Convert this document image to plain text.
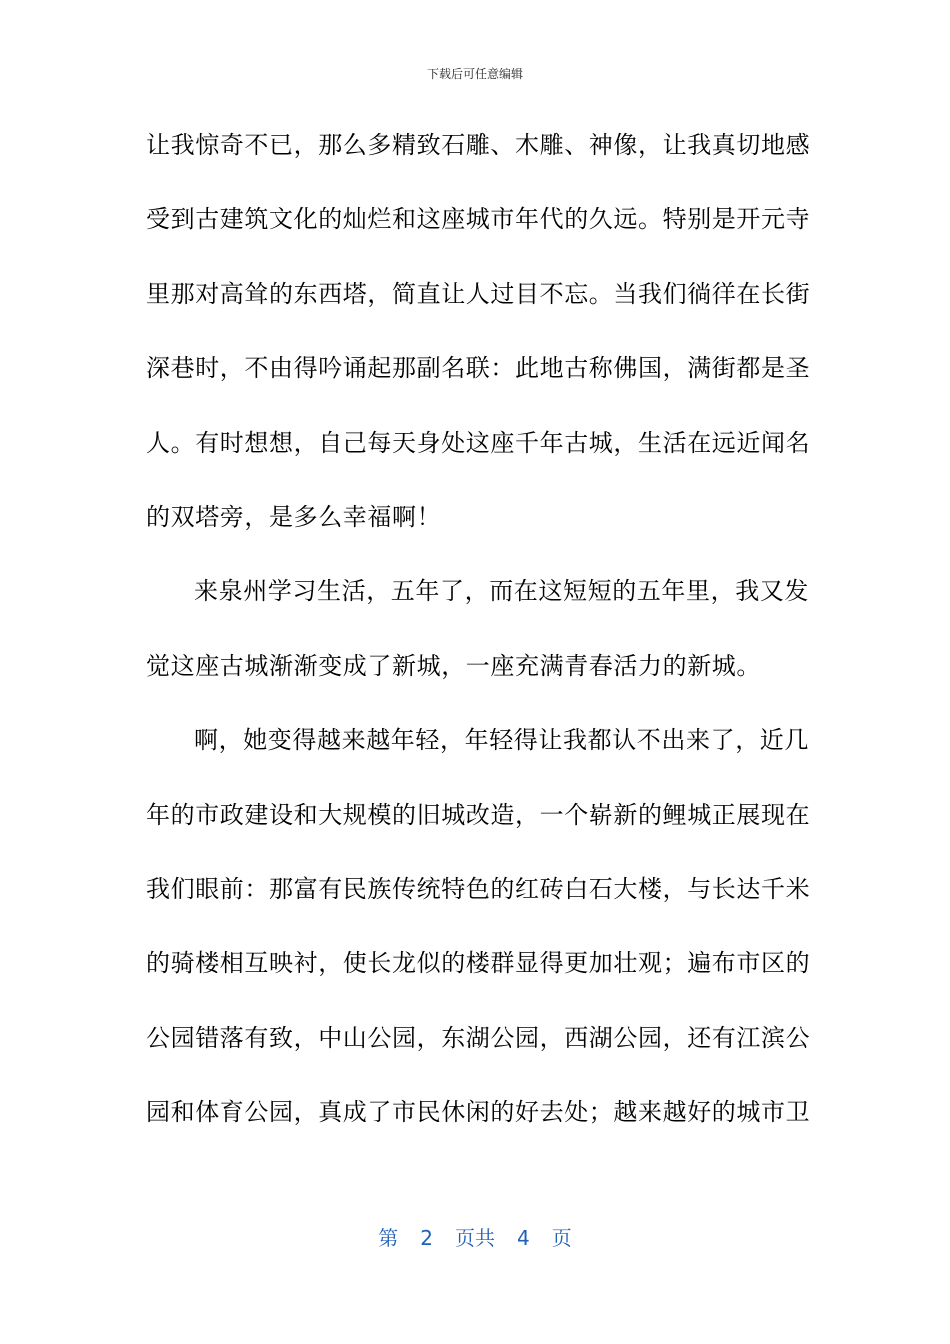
下载后可任意编辑
让我惊奇不已，那么多精致石雕、木雕、神像，让我真切地感
受到古建筑文化的灿烂和这座城市年代的久远。特别是开元寺
里那对高耸的东西塔，简直让人过目不忘。当我们徜徉在长街
深巷时，不由得吟诵起那副名联：此地古称佛国，满街都是圣
人。有时想想，自己每天身处这座千年古城，生活在远近闻名
的双塔旁，是多么幸福啊！
来泉州学习生活，五年了，而在这短短的五年里，我又发
觉这座古城渐渐变成了新城，一座充满青春活力的新城。
啊，她变得越来越年轻，年轻得让我都认不出来了，近几
年的市政建设和大规模的旧城改造，一个崭新的鲤城正展现在
我们眼前：那富有民族传统特色的红砖白石大楼，与长达千米
的骑楼相互映衬，使长龙似的楼群显得更加壮观；遍布市区的
公园错落有致，中山公园，东湖公园，西湖公园，还有江滨公
园和体育公园，真成了市民休闲的好去处；越来越好的城市卫
第 2 页共 4 页
